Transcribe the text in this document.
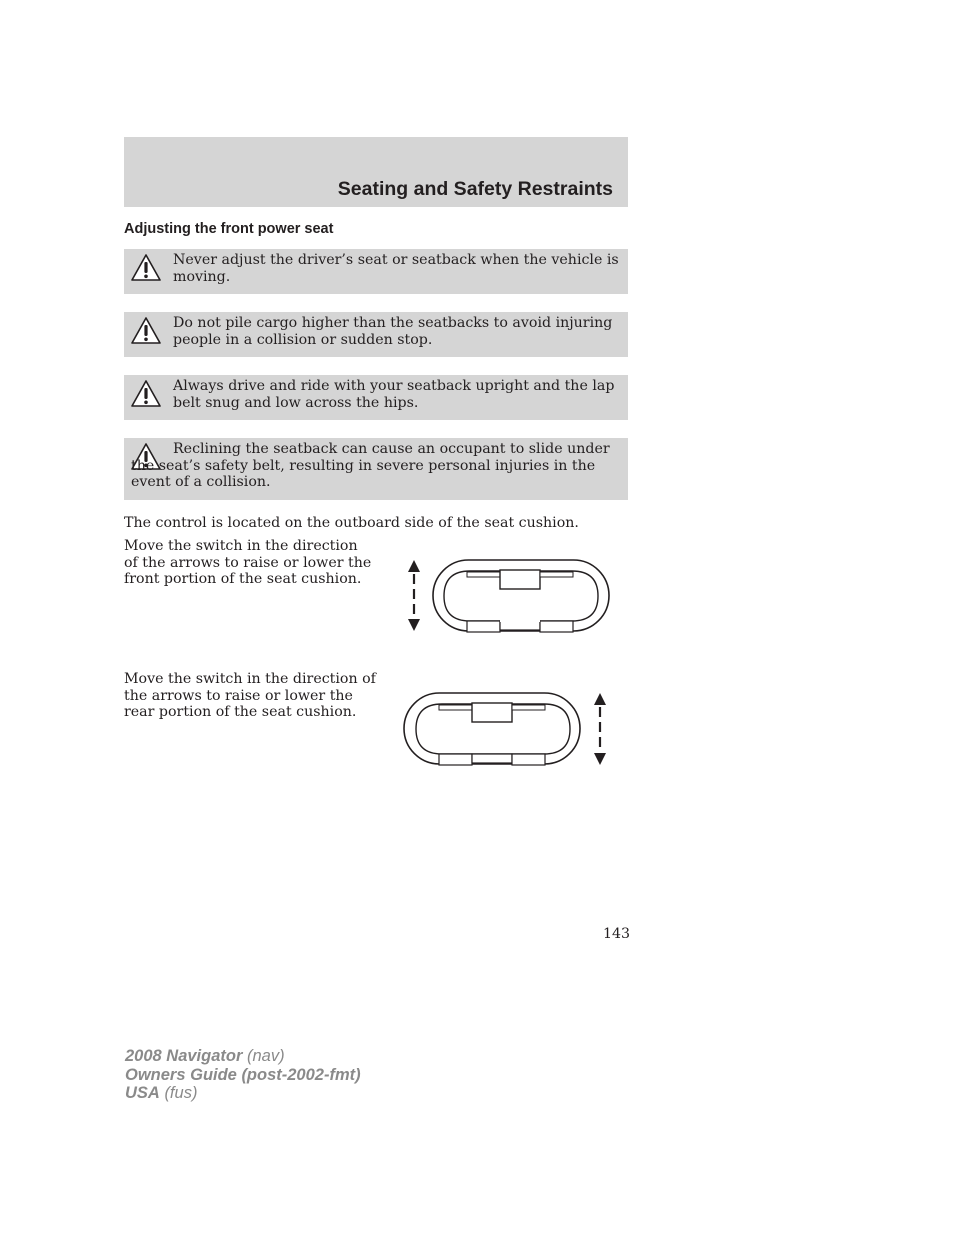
Seating and Safety Restraints
Adjusting the front power seat
Never adjust the driver’s seat or seatback when the vehicle is moving.
Do not pile cargo higher than the seatbacks to avoid injuring people in a collision or sudden stop.
Always drive and ride with your seatback upright and the lap belt snug and low across the hips.
Reclining the seatback can cause an occupant to slide under the seat’s safety belt, resulting in severe personal injuries in the event of a collision.
The control is located on the outboard side of the seat cushion.
Move the switch in the direction of the arrows to raise or lower the front portion of the seat cushion.
Move the switch in the direction of the arrows to raise or lower the rear portion of the seat cushion.
143
2008 Navigator (nav)
Owners Guide (post-2002-fmt)
USA (fus)
